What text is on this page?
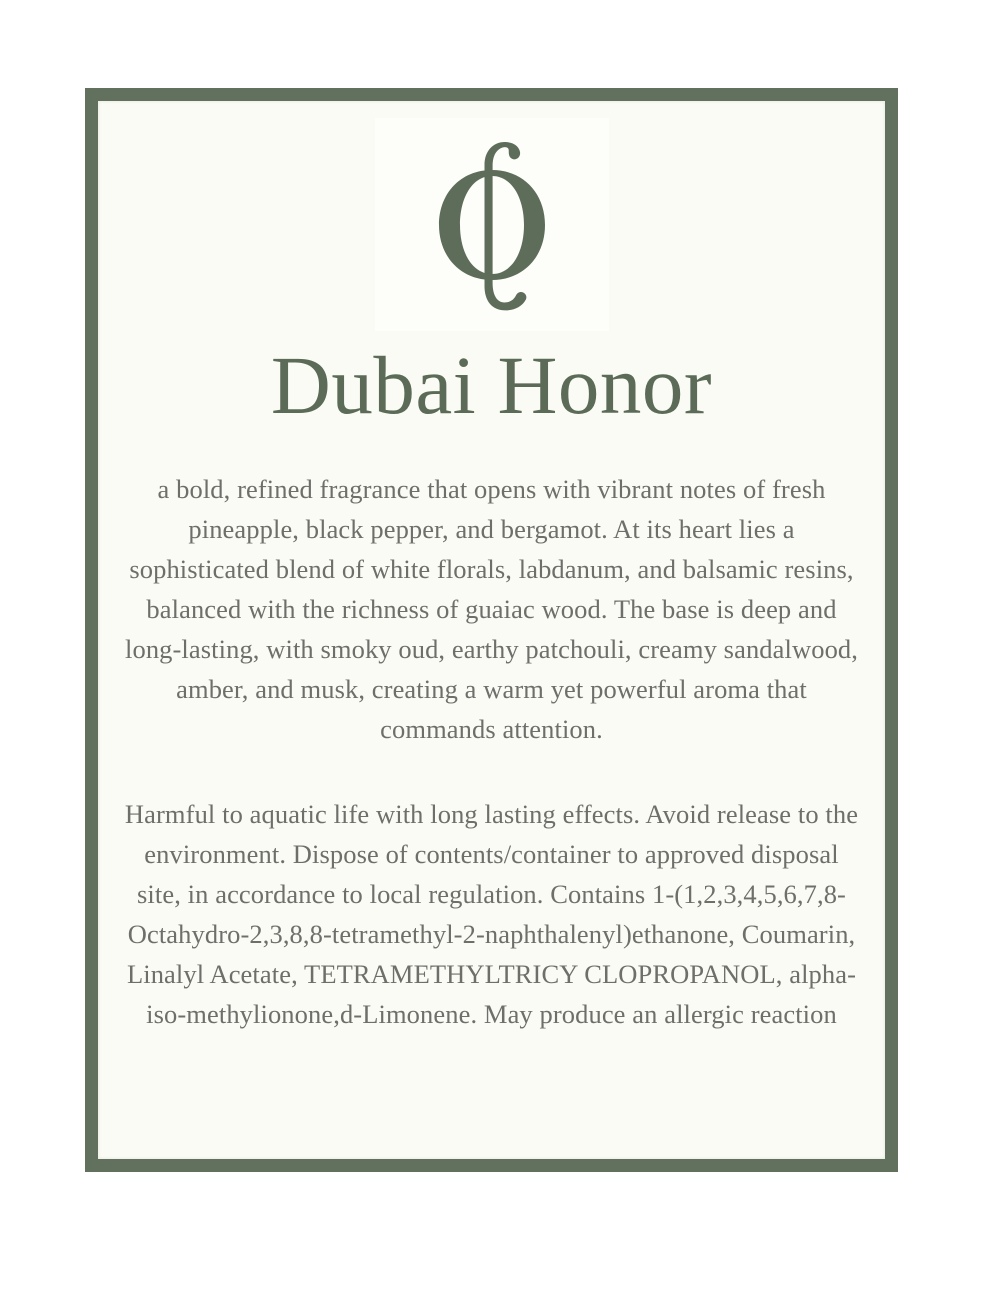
Dubai Honor

a bold, refined fragrance that opens with vibrant notes of fresh pineapple, black pepper, and bergamot. At its heart lies a sophisticated blend of white florals, labdanum, and balsamic resins, balanced with the richness of guaiac wood. The base is deep and long-lasting, with smoky oud, earthy patchouli, creamy sandalwood, amber, and musk, creating a warm yet powerful aroma that commands attention.

Harmful to aquatic life with long lasting effects. Avoid release to the environment. Dispose of contents/container to approved disposal site, in accordance to local regulation. Contains 1-(1,2,3,4,5,6,7,8-Octahydro-2,3,8,8-tetramethyl-2-naphthalenyl)ethanone, Coumarin, Linalyl Acetate, TETRAMETHYLTRICY CLOPROPANOL, alpha-iso-methylionone,d-Limonene. May produce an allergic reaction
